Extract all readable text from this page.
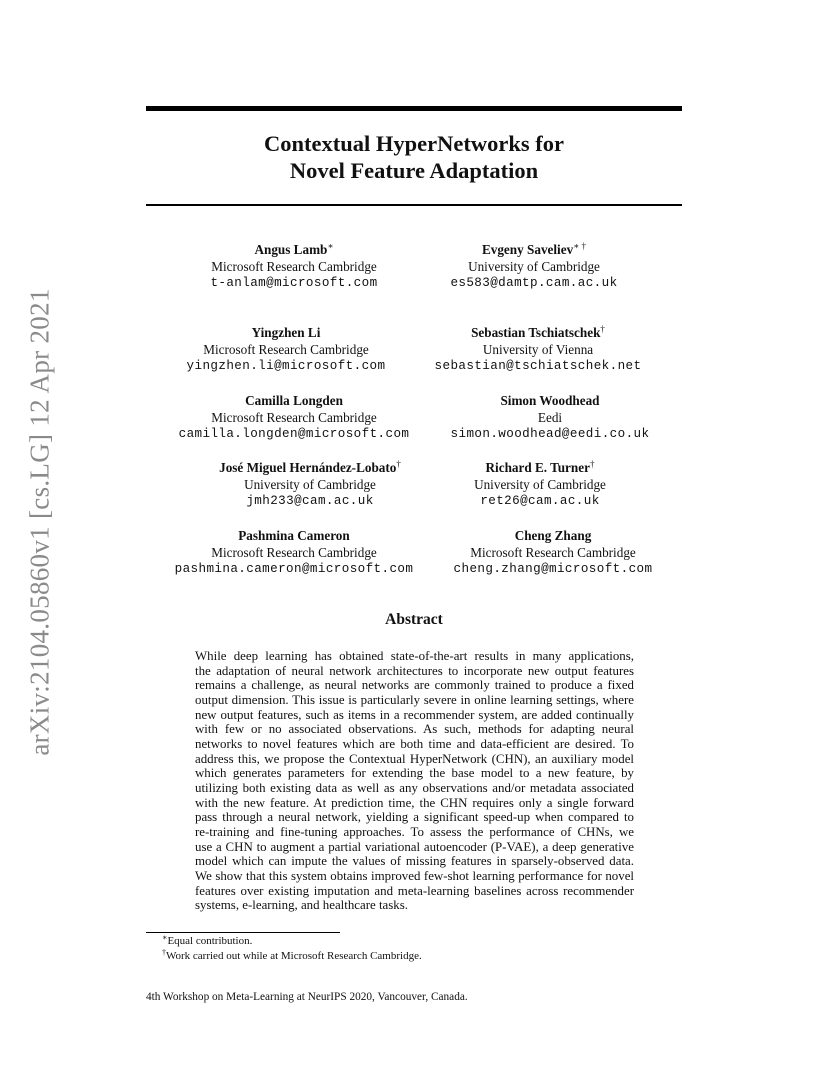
arXiv:2104.05860v1 [cs.LG] 12 Apr 2021
Contextual HyperNetworks for
Novel Feature Adaptation
Angus Lamb∗
Microsoft Research Cambridge
t-anlam@microsoft.com
Evgeny Saveliev∗ †
University of Cambridge
es583@damtp.cam.ac.uk
Yingzhen Li
Microsoft Research Cambridge
yingzhen.li@microsoft.com
Sebastian Tschiatschek†
University of Vienna
sebastian@tschiatschek.net
Camilla Longden
Microsoft Research Cambridge
camilla.longden@microsoft.com
Simon Woodhead
Eedi
simon.woodhead@eedi.co.uk
José Miguel Hernández-Lobato†
University of Cambridge
jmh233@cam.ac.uk
Richard E. Turner†
University of Cambridge
ret26@cam.ac.uk
Pashmina Cameron
Microsoft Research Cambridge
pashmina.cameron@microsoft.com
Cheng Zhang
Microsoft Research Cambridge
cheng.zhang@microsoft.com
Abstract

While deep learning has obtained state-of-the-art results in many applications,
the adaptation of neural network architectures to incorporate new output features
remains a challenge, as neural networks are commonly trained to produce a fixed
output dimension. This issue is particularly severe in online learning settings, where
new output features, such as items in a recommender system, are added continually
with few or no associated observations. As such, methods for adapting neural
networks to novel features which are both time and data-efficient are desired. To
address this, we propose the Contextual HyperNetwork (CHN), an auxiliary model
which generates parameters for extending the base model to a new feature, by
utilizing both existing data as well as any observations and/or metadata associated
with the new feature. At prediction time, the CHN requires only a single forward
pass through a neural network, yielding a significant speed-up when compared to
re-training and fine-tuning approaches. To assess the performance of CHNs, we
use a CHN to augment a partial variational autoencoder (P-VAE), a deep generative
model which can impute the values of missing features in sparsely-observed data.
We show that this system obtains improved few-shot learning performance for novel
features over existing imputation and meta-learning baselines across recommender
systems, e-learning, and healthcare tasks.

∗Equal contribution.
†Work carried out while at Microsoft Research Cambridge.
4th Workshop on Meta-Learning at NeurIPS 2020, Vancouver, Canada.
